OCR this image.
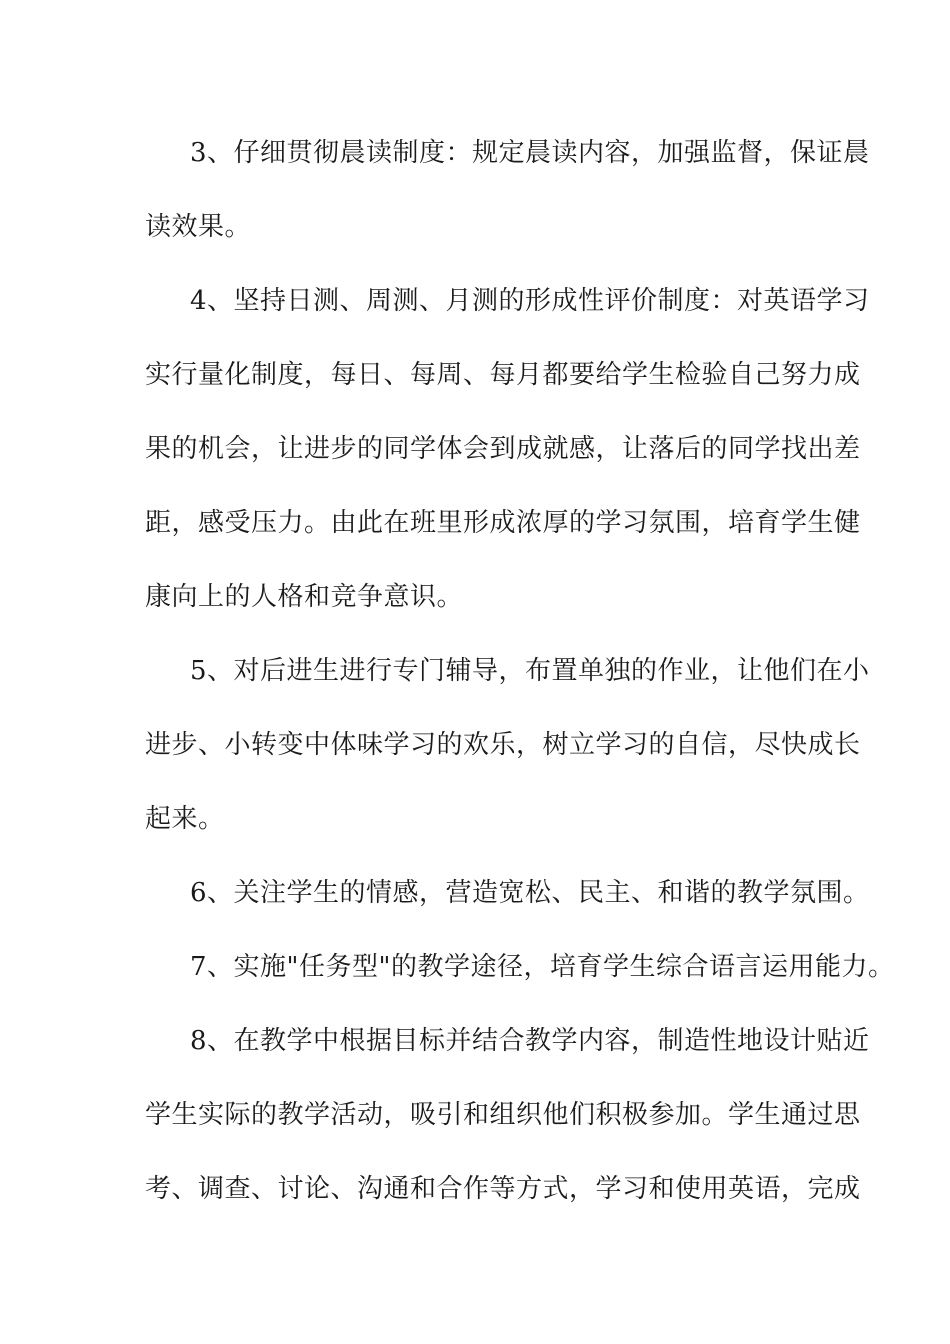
3、仔细贯彻晨读制度：规定晨读内容，加强监督，保证晨
读效果。
4、坚持日测、周测、月测的形成性评价制度：对英语学习
实行量化制度，每日、每周、每月都要给学生检验自己努力成
果的机会，让进步的同学体会到成就感，让落后的同学找出差
距，感受压力。由此在班里形成浓厚的学习氛围，培育学生健
康向上的人格和竞争意识。
5、对后进生进行专门辅导，布置单独的作业，让他们在小
进步、小转变中体味学习的欢乐，树立学习的自信，尽快成长
起来。
6、关注学生的情感，营造宽松、民主、和谐的教学氛围。
7、实施"任务型"的教学途径，培育学生综合语言运用能力。
8、在教学中根据目标并结合教学内容，制造性地设计贴近
学生实际的教学活动，吸引和组织他们积极参加。学生通过思
考、调查、讨论、沟通和合作等方式，学习和使用英语，完成
